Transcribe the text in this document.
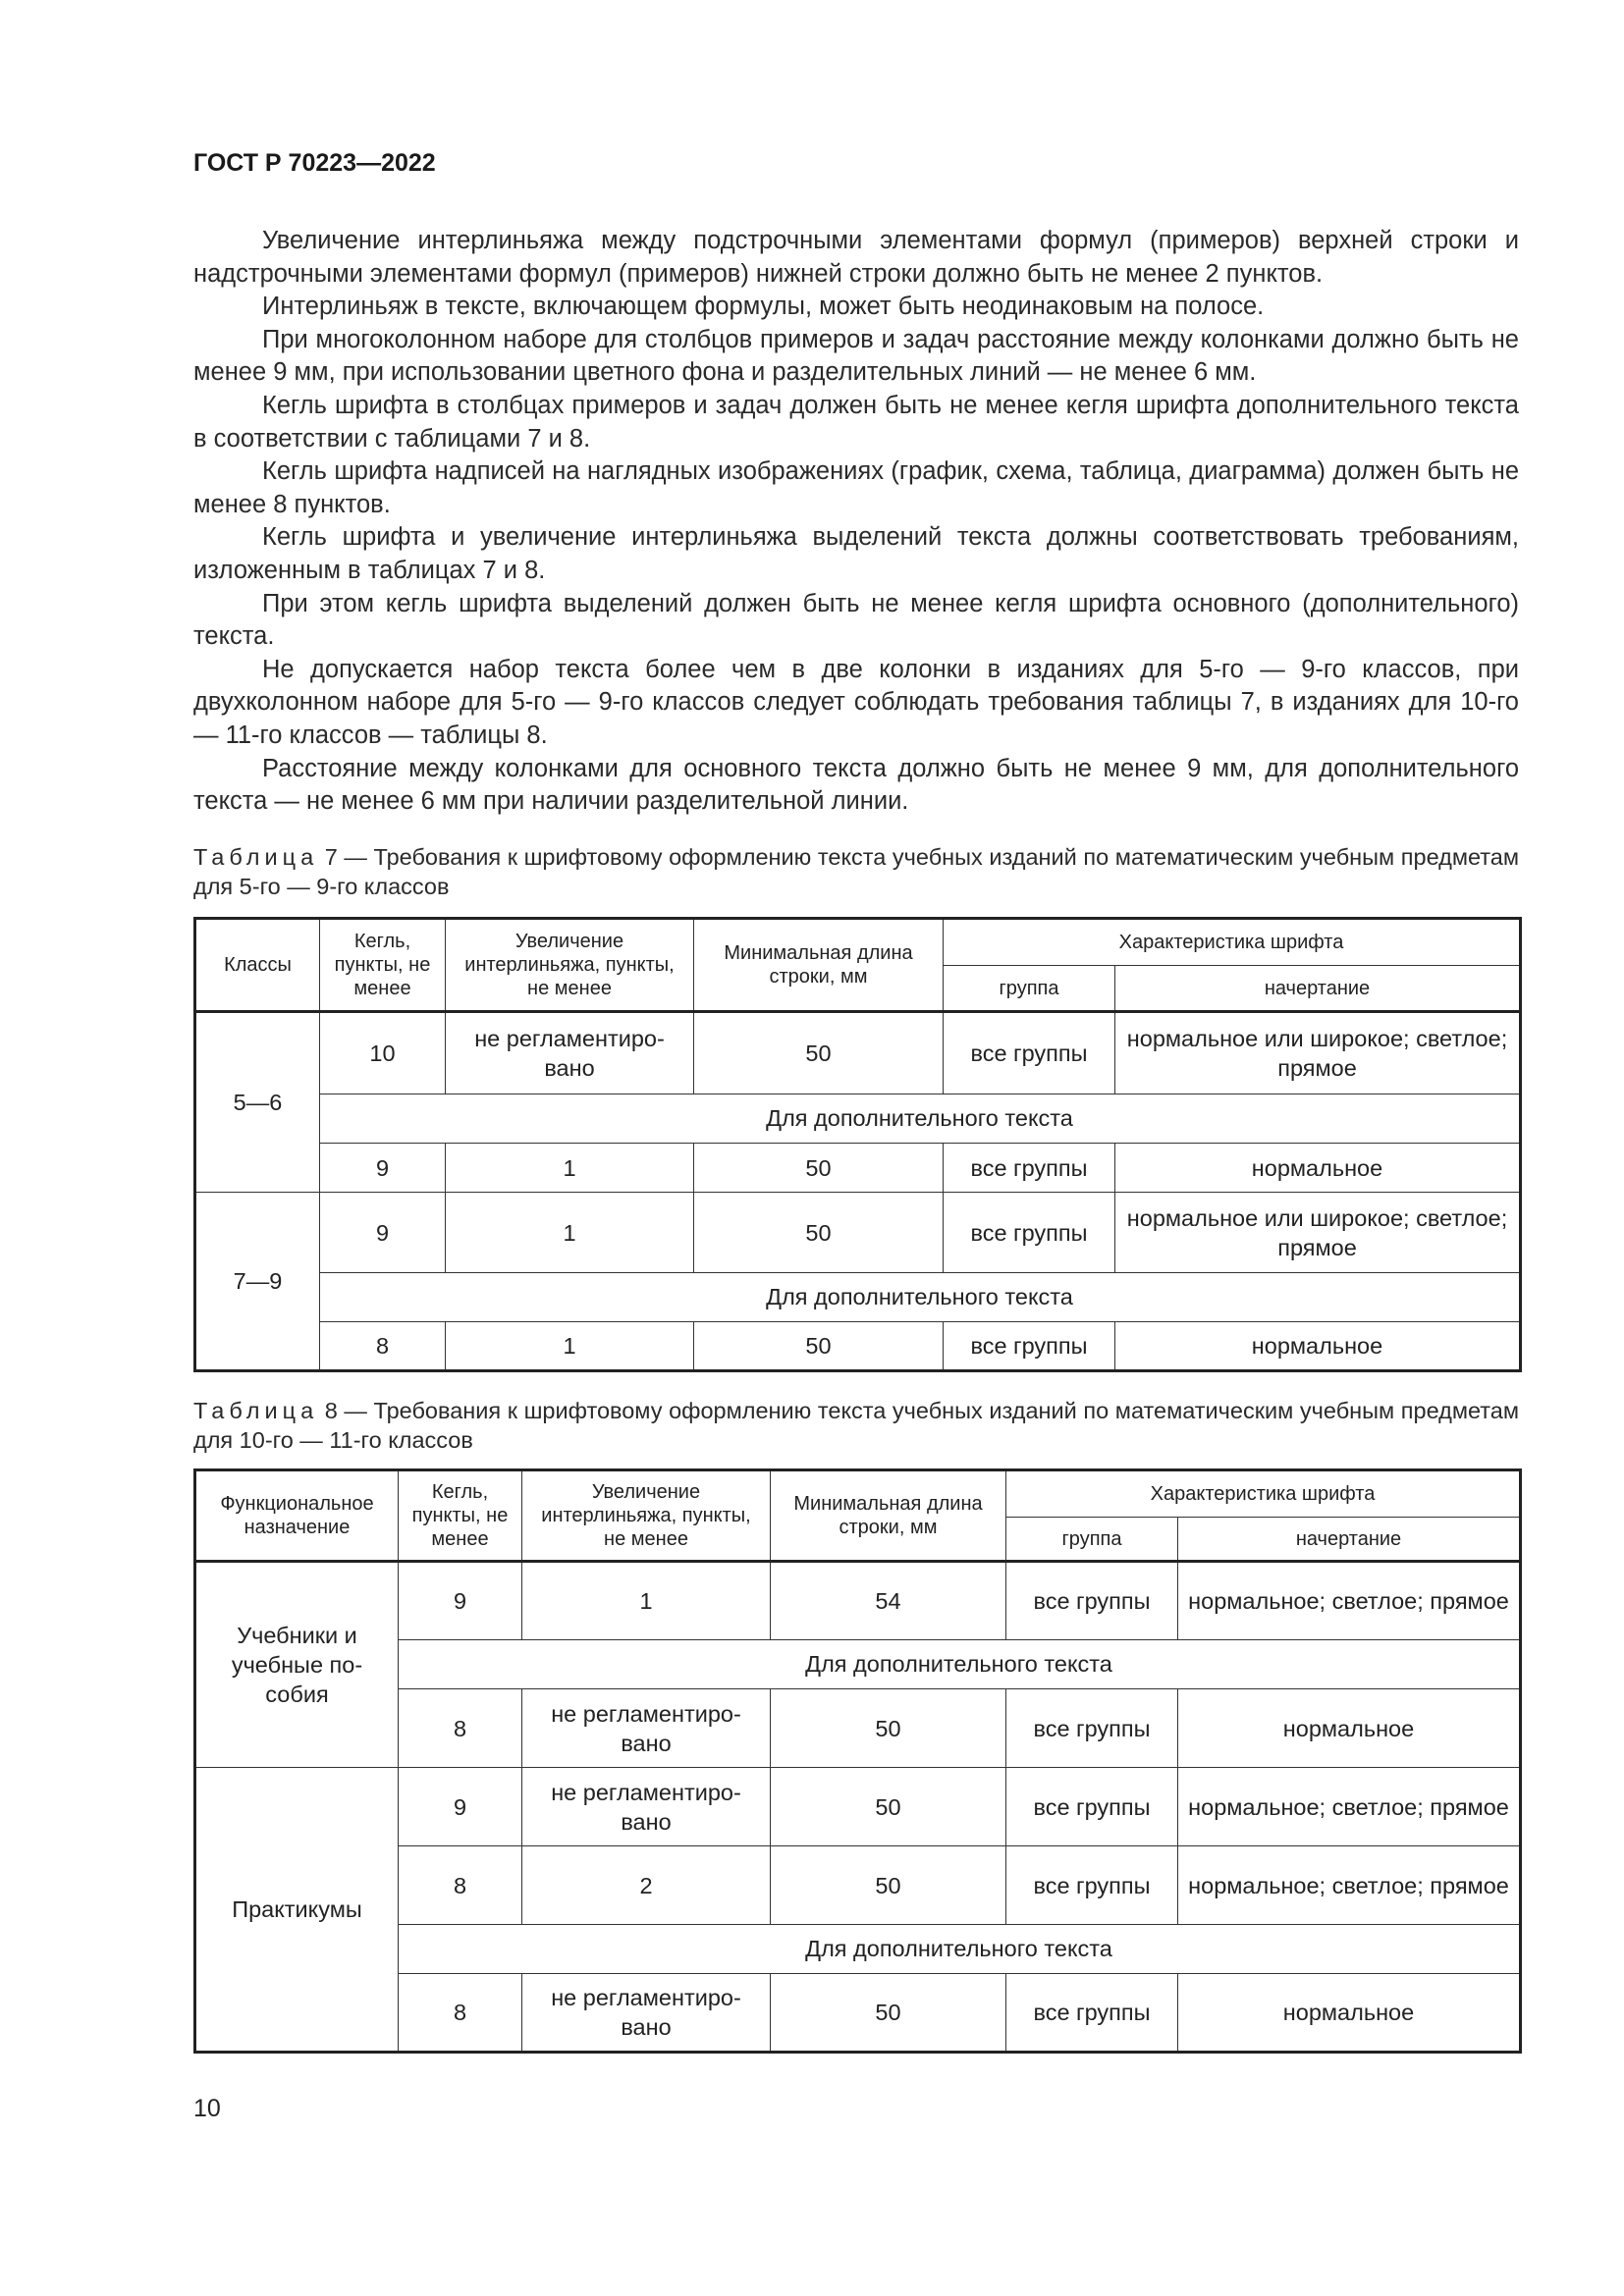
ГОСТ Р 70223—2022

Увеличение интерлиньяжа между подстрочными элементами формул (примеров) верхней строки и надстрочными элементами формул (примеров) нижней строки должно быть не менее 2 пунктов.

Интерлиньяж в тексте, включающем формулы, может быть неодинаковым на полосе.

При многоколонном наборе для столбцов примеров и задач расстояние между колонками должно быть не менее 9 мм, при использовании цветного фона и разделительных линий — не менее 6 мм.

Кегль шрифта в столбцах примеров и задач должен быть не менее кегля шрифта дополнительного текста в соответствии с таблицами 7 и 8.

Кегль шрифта надписей на наглядных изображениях (график, схема, таблица, диаграмма) должен быть не менее 8 пунктов.

Кегль шрифта и увеличение интерлиньяжа выделений текста должны соответствовать требованиям, изложенным в таблицах 7 и 8.

При этом кегль шрифта выделений должен быть не менее кегля шрифта основного (дополнительного) текста.

Не допускается набор текста более чем в две колонки в изданиях для 5-го — 9-го классов, при двухколонном наборе для 5-го — 9-го классов следует соблюдать требования таблицы 7, в изданиях для 10-го — 11-го классов — таблицы 8.

Расстояние между колонками для основного текста должно быть не менее 9 мм, для дополнительного текста — не менее 6 мм при наличии разделительной линии.

Таблица 7 — Требования к шрифтовому оформлению текста учебных изданий по математическим учебным предметам для 5-го — 9-го классов
Классы	Кегль, пункты, не менее	Увеличение интерлиньяжа, пункты, не менее	Минимальная длина строки, мм	Характеристика шрифта	
				группа	начертание
5—6	10	не регламентиро-вано	50	все группы	нормальное или широкое; светлое; прямое
	Для дополнительного текста				
	9	1	50	все группы	нормальное
7—9	9	1	50	все группы	нормальное или широкое; светлое; прямое
	Для дополнительного текста				
	8	1	50	все группы	нормальное
Таблица 8 — Требования к шрифтовому оформлению текста учебных изданий по математическим учебным предметам для 10-го — 11-го классов
Функциональное назначение	Кегль, пункты, не менее	Увеличение интерлиньяжа, пункты, не менее	Минимальная длина строки, мм	Характеристика шрифта	
				группа	начертание
Учебники и учебные по-собия	9	1	54	все группы	нормальное; светлое; прямое
	Для дополнительного текста				
	8	не регламентиро-вано	50	все группы	нормальное
Практикумы	9	не регламентиро-вано	50	все группы	нормальное; светлое; прямое
	8	2	50	все группы	нормальное; светлое; прямое
	Для дополнительного текста				
	8	не регламентиро-вано	50	все группы	нормальное
10
